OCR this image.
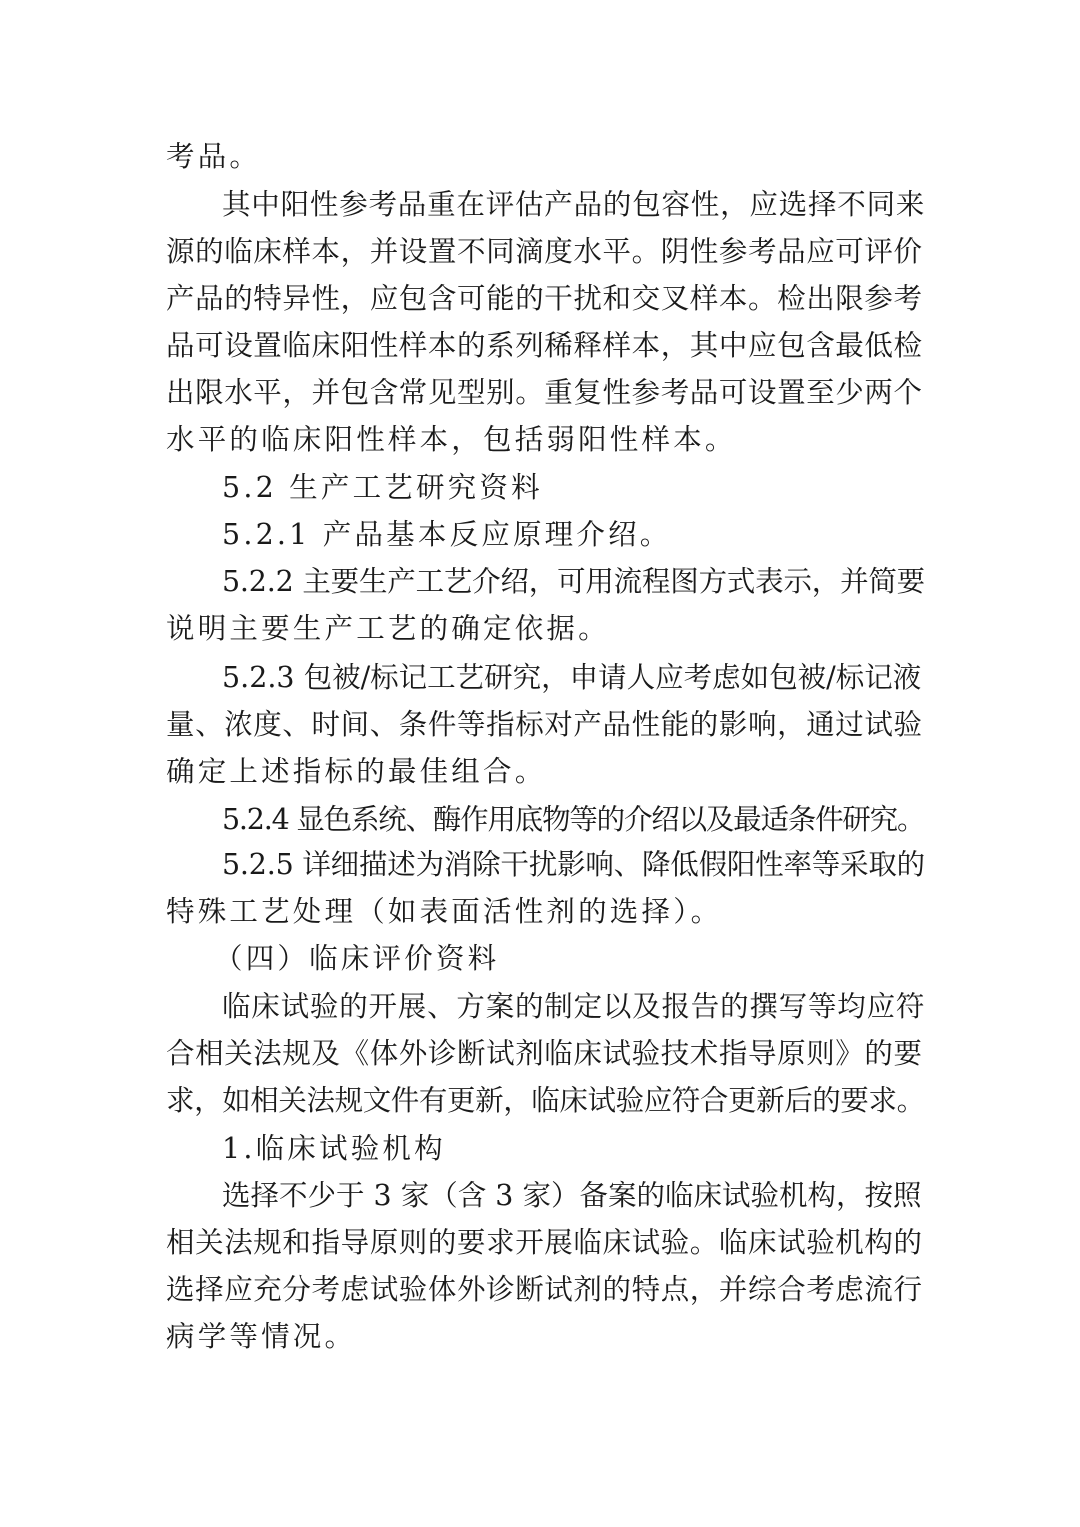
考品。
其中阳性参考品重在评估产品的包容性，应选择不同来
源的临床样本，并设置不同滴度水平。阴性参考品应可评价
产品的特异性，应包含可能的干扰和交叉样本。检出限参考
品可设置临床阳性样本的系列稀释样本，其中应包含最低检
出限水平，并包含常见型别。重复性参考品可设置至少两个
水平的临床阳性样本，包括弱阳性样本。
5.2 生产工艺研究资料
5.2.1 产品基本反应原理介绍。
5.2.2 主要生产工艺介绍，可用流程图方式表示，并简要
说明主要生产工艺的确定依据。
5.2.3 包被/标记工艺研究，申请人应考虑如包被/标记液
量、浓度、时间、条件等指标对产品性能的影响，通过试验
确定上述指标的最佳组合。
5.2.4 显色系统、酶作用底物等的介绍以及最适条件研究。
5.2.5 详细描述为消除干扰影响、降低假阳性率等采取的
特殊工艺处理（如表面活性剂的选择）。
（四）临床评价资料
临床试验的开展、方案的制定以及报告的撰写等均应符
合相关法规及《体外诊断试剂临床试验技术指导原则》的要
求，如相关法规文件有更新，临床试验应符合更新后的要求。
1.临床试验机构
选择不少于 3 家（含 3 家）备案的临床试验机构，按照
相关法规和指导原则的要求开展临床试验。临床试验机构的
选择应充分考虑试验体外诊断试剂的特点，并综合考虑流行
病学等情况。
